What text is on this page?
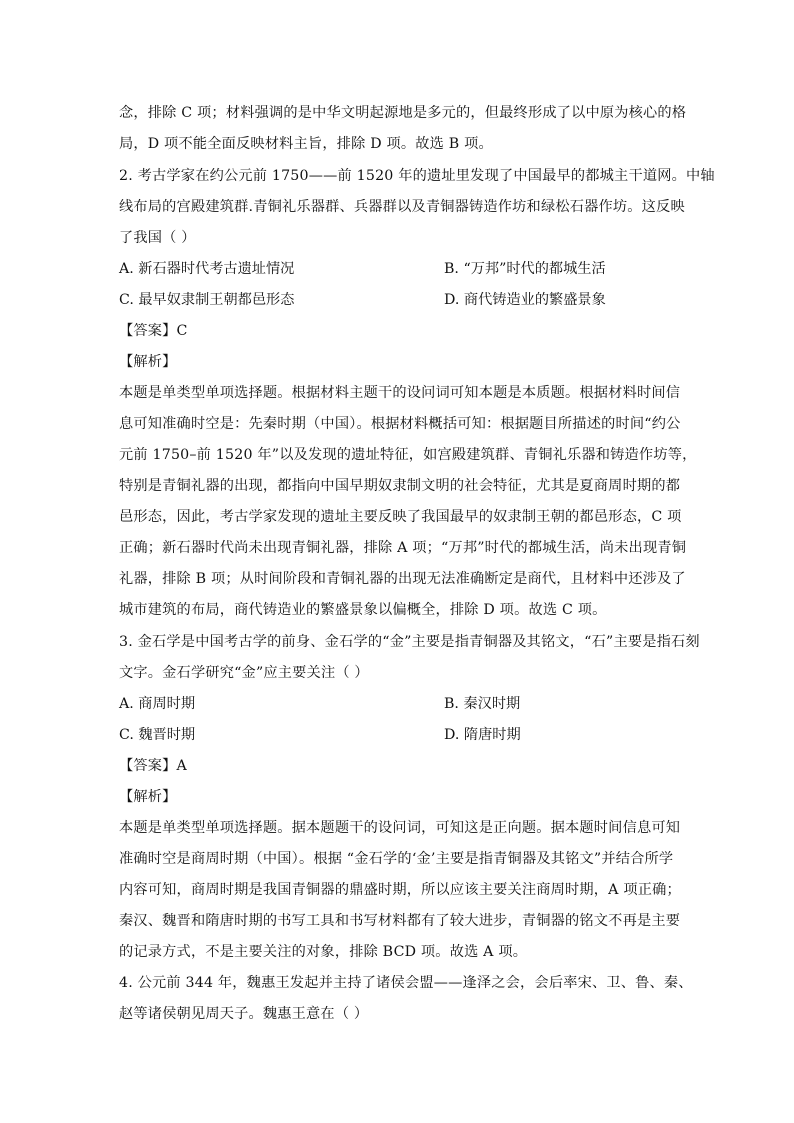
念，排除 C 项；材料强调的是中华文明起源地是多元的，但最终形成了以中原为核心的格
局，D 项不能全面反映材料主旨，排除 D 项。故选 B 项。
2. 考古学家在约公元前 1750——前 1520 年的遗址里发现了中国最早的都城主干道网。中轴
线布局的宫殿建筑群.青铜礼乐器群、兵器群以及青铜器铸造作坊和绿松石器作坊。这反映
了我国（ ）
A. 新石器时代考古遗址情况	B. “万邦”时代的都城生活
C. 最早奴隶制王朝都邑形态	D. 商代铸造业的繁盛景象
【答案】C
【解析】
本题是单类型单项选择题。根据材料主题干的设问词可知本题是本质题。根据材料时间信
息可知准确时空是：先秦时期（中国）。根据材料概括可知：根据题目所描述的时间“约公
元前 1750–前 1520 年”以及发现的遗址特征，如宫殿建筑群、青铜礼乐器和铸造作坊等，
特别是青铜礼器的出现，都指向中国早期奴隶制文明的社会特征，尤其是夏商周时期的都
邑形态，因此，考古学家发现的遗址主要反映了我国最早的奴隶制王朝的都邑形态，C 项
正确；新石器时代尚未出现青铜礼器，排除 A 项；“万邦”时代的都城生活，尚未出现青铜
礼器，排除 B 项；从时间阶段和青铜礼器的出现无法准确断定是商代，且材料中还涉及了
城市建筑的布局，商代铸造业的繁盛景象以偏概全，排除 D 项。故选 C 项。
3. 金石学是中国考古学的前身、金石学的“金”主要是指青铜器及其铭文，“石”主要是指石刻
文字。金石学研究“金”应主要关注（ ）
A. 商周时期	B. 秦汉时期
C. 魏晋时期	D. 隋唐时期
【答案】A
【解析】
本题是单类型单项选择题。据本题题干的设问词，可知这是正向题。据本题时间信息可知
准确时空是商周时期（中国）。根据 “金石学的‘金’主要是指青铜器及其铭文”并结合所学
内容可知，商周时期是我国青铜器的鼎盛时期，所以应该主要关注商周时期，A 项正确；
秦汉、魏晋和隋唐时期的书写工具和书写材料都有了较大进步，青铜器的铭文不再是主要
的记录方式，不是主要关注的对象，排除 BCD 项。故选 A 项。
4. 公元前 344 年，魏惠王发起并主持了诸侯会盟——逢泽之会，会后率宋、卫、鲁、秦、
赵等诸侯朝见周天子。魏惠王意在（ ）
